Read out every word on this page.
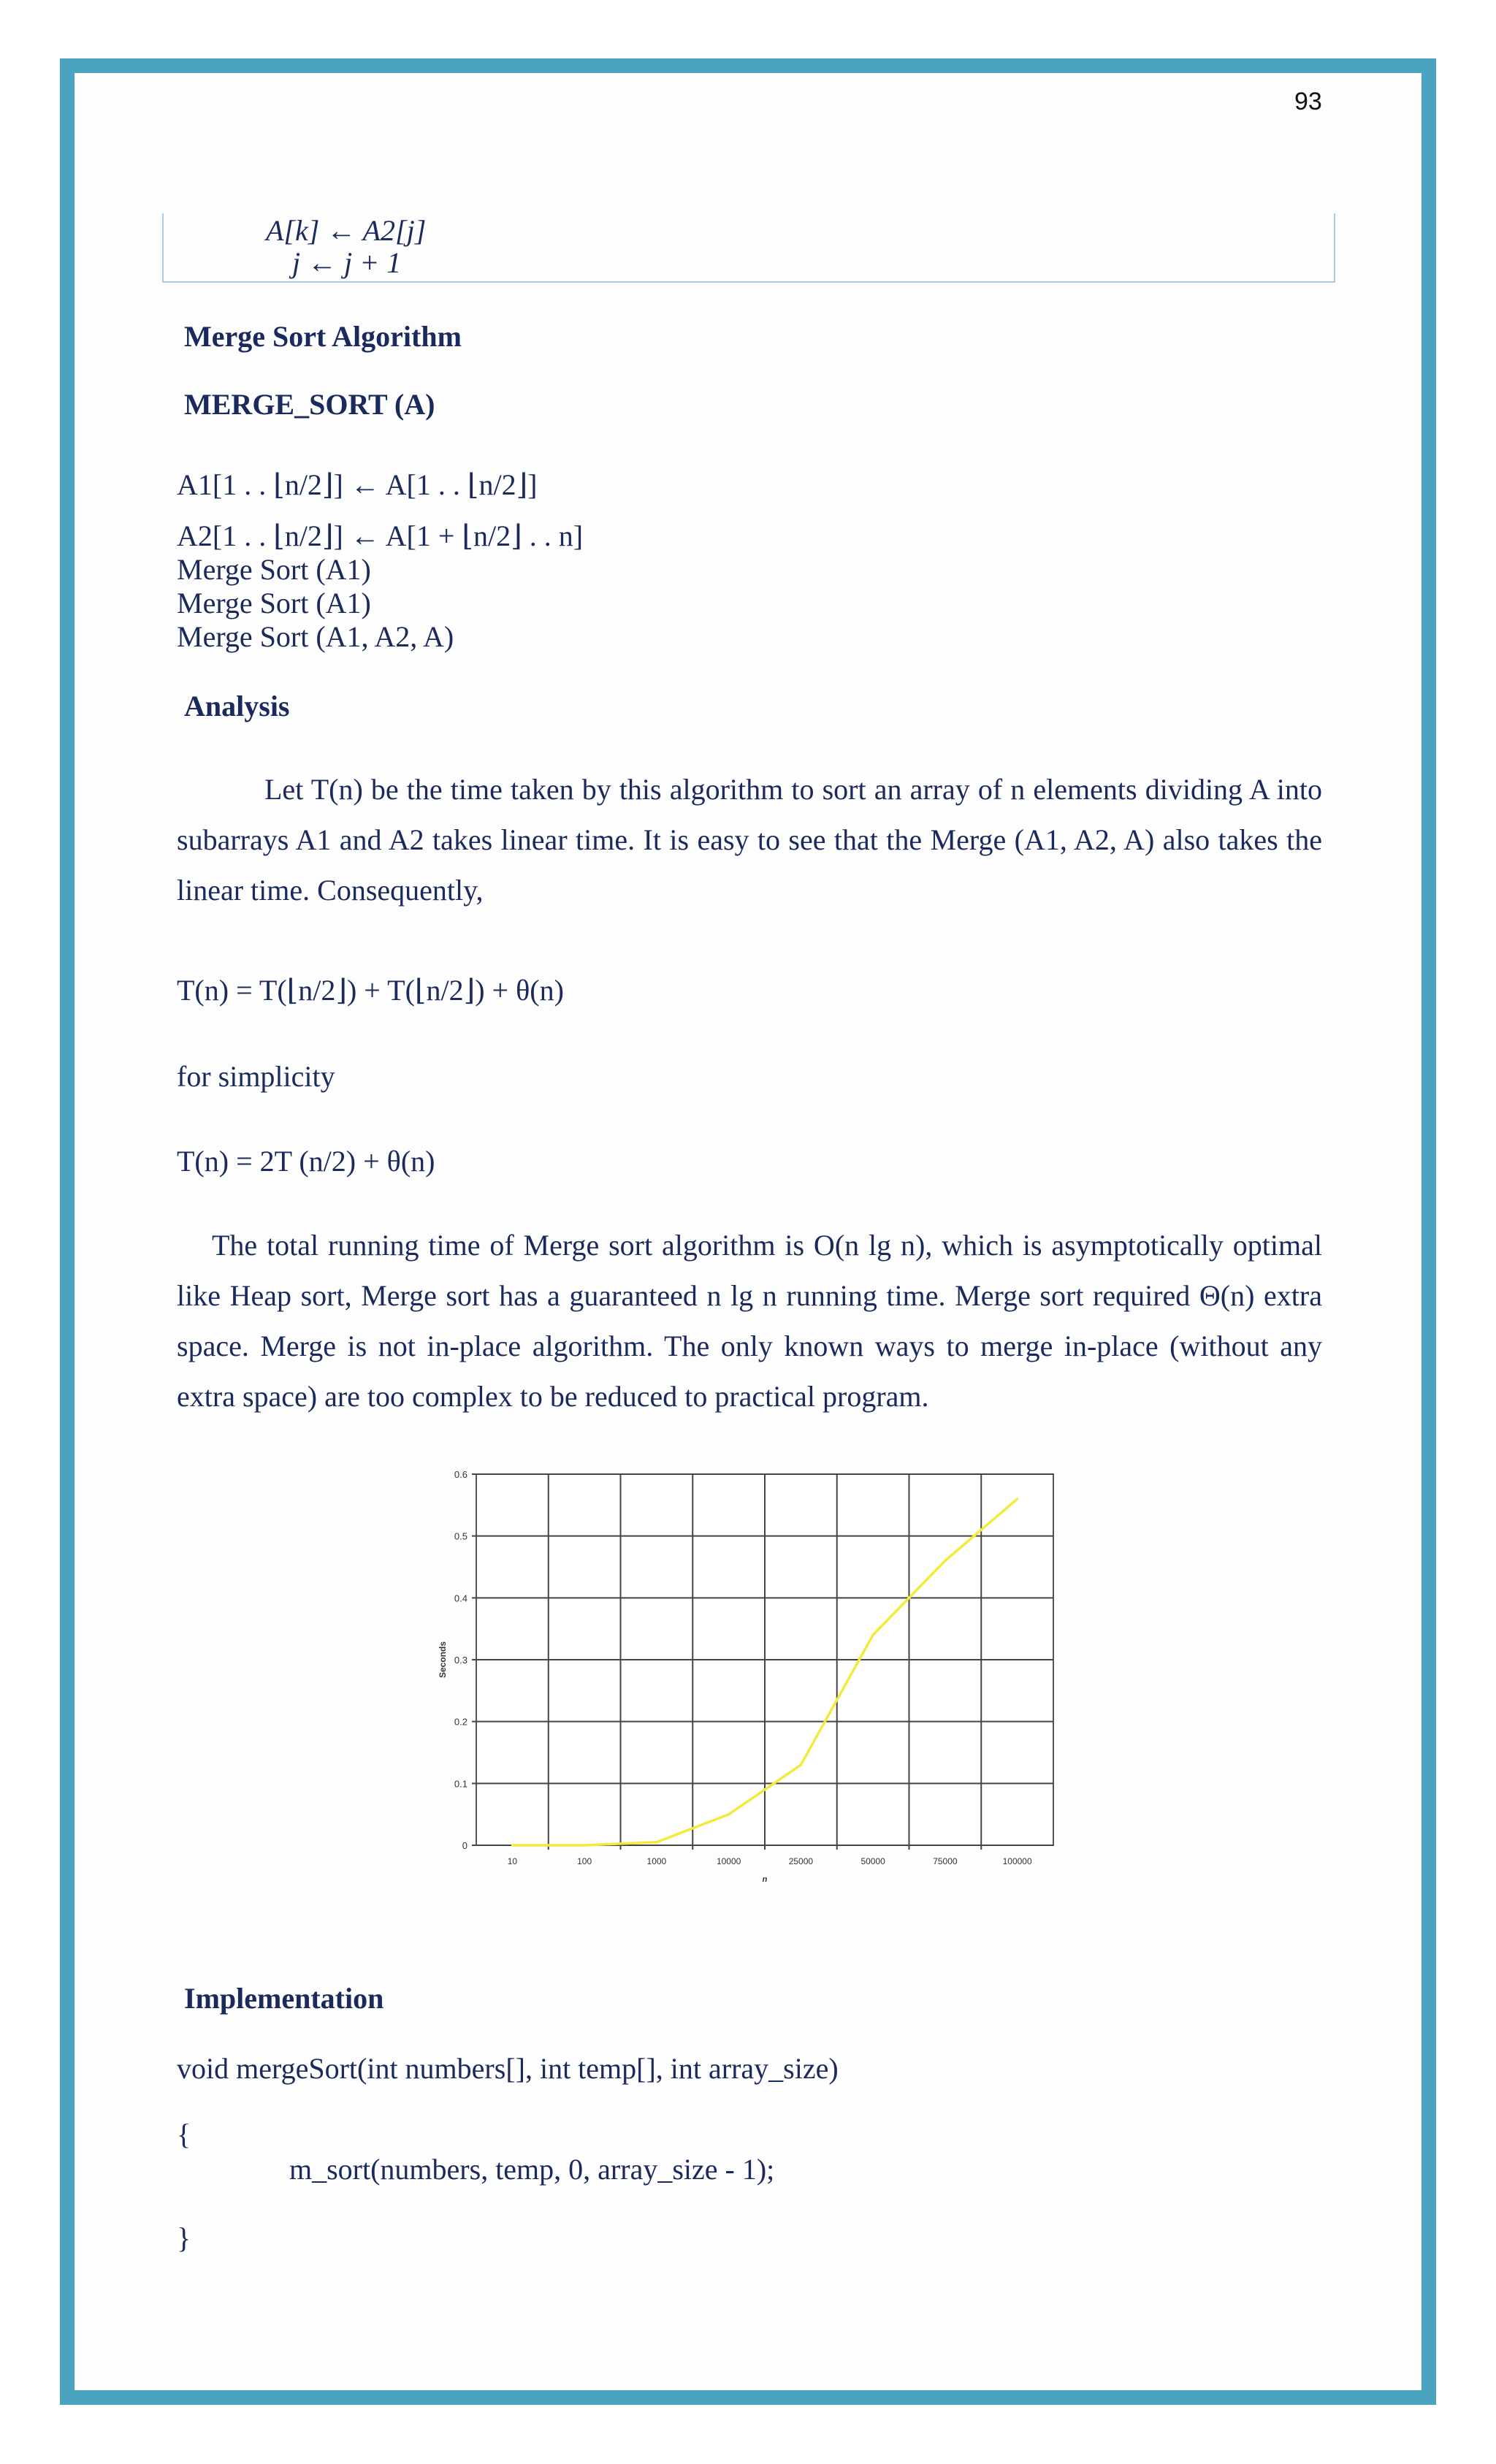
93
A[k] ← A2[j]
j ← j + 1
Merge Sort Algorithm
MERGE_SORT (A)
A1[1 . . ⌊n/2⌋] ← A[1 . . ⌊n/2⌋]
A2[1 . . ⌊n/2⌋] ← A[1 + ⌊n/2⌋ . . n]
Merge Sort (A1)
Merge Sort (A1)
Merge Sort (A1, A2, A)
Analysis
Let T(n) be the time taken by this algorithm to sort an array of n elements dividing A into subarrays A1 and A2 takes linear time. It is easy to see that the Merge (A1, A2, A) also takes the linear time. Consequently,
T(n) = T(⌊n/2⌋) + T(⌊n/2⌋) + θ(n)
for simplicity
T(n) = 2T (n/2) + θ(n)
The total running time of Merge sort algorithm is O(n lg n), which is asymptotically optimal like Heap sort, Merge sort has a guaranteed n lg n running time. Merge sort required Θ(n) extra space. Merge is not in-place algorithm. The only known ways to merge in-place (without any extra space) are too complex to be reduced to practical program.
0
0.1
0.2
0.3
0.4
0.5
0.6
10	100	1000	10000	25000	50000	75000	100000
n
Seconds
Implementation
void mergeSort(int numbers[], int temp[], int array_size)
{
m_sort(numbers, temp, 0, array_size - 1);
}
